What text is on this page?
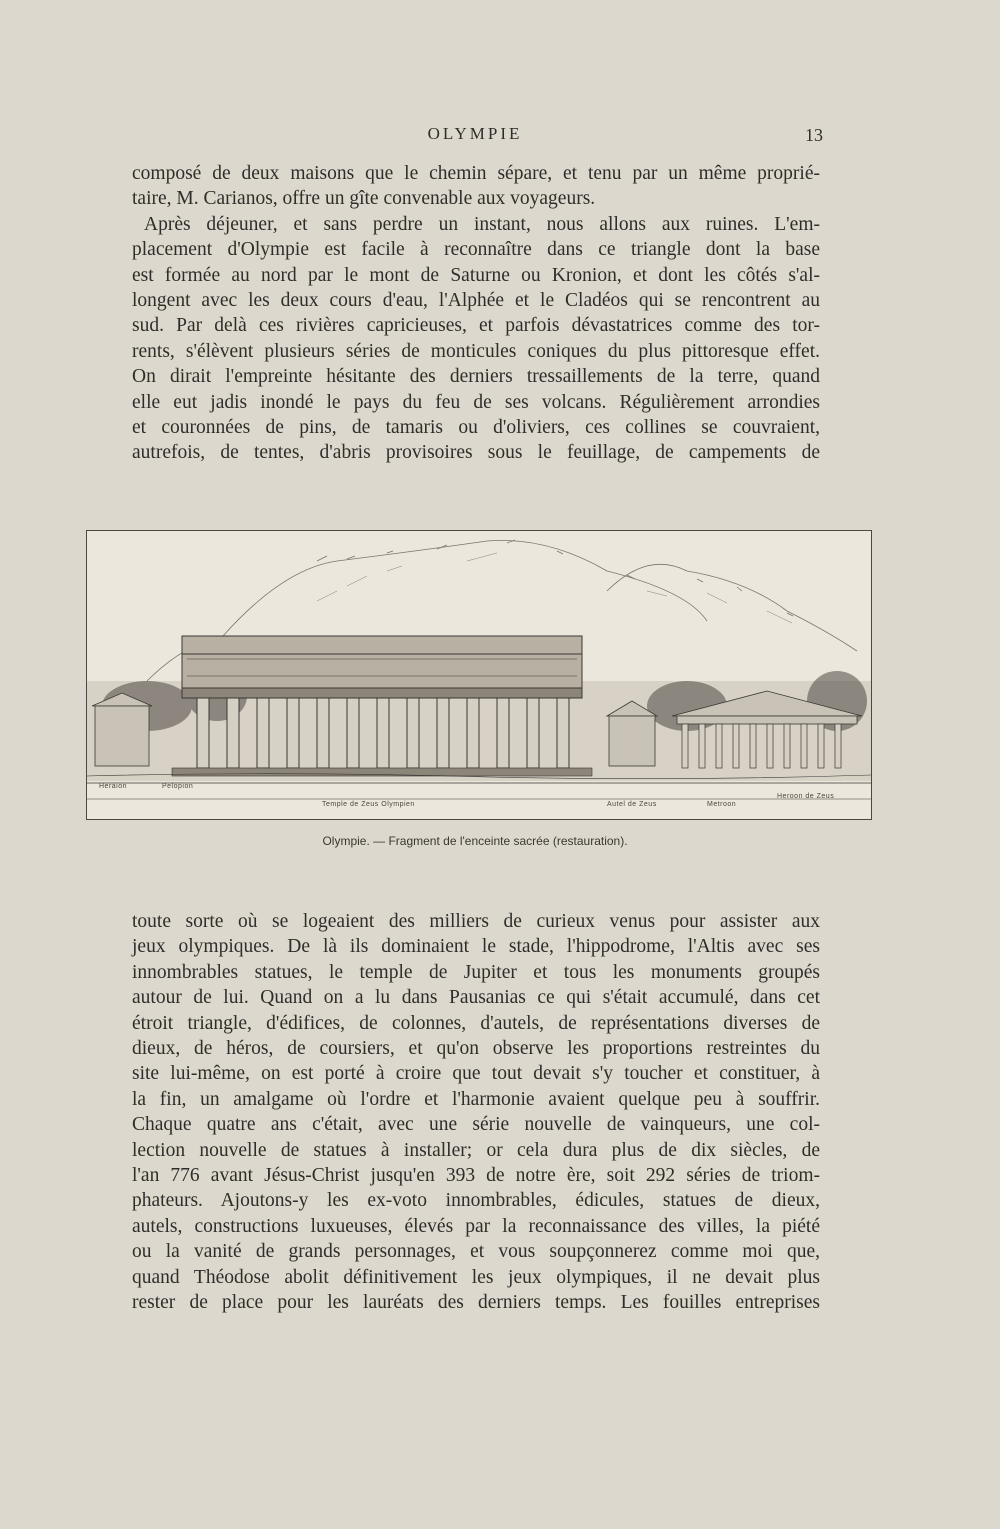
OLYMPIE	13

composé de deux maisons que le chemin sépare, et tenu par un même proprié-

taire, M. Carianos, offre un gîte convenable aux voyageurs.

Après déjeuner, et sans perdre un instant, nous allons aux ruines. L'em-

placement d'Olympie est facile à reconnaître dans ce triangle dont la base

est formée au nord par le mont de Saturne ou Kronion, et dont les côtés s'al-

longent avec les deux cours d'eau, l'Alphée et le Cladéos qui se rencontrent au

sud. Par delà ces rivières capricieuses, et parfois dévastatrices comme des tor-

rents, s'élèvent plusieurs séries de monticules coniques du plus pittoresque effet.

On dirait l'empreinte hésitante des derniers tressaillements de la terre, quand

elle eut jadis inondé le pays du feu de ses volcans. Régulièrement arrondies

et couronnées de pins, de tamaris ou d'oliviers, ces collines se couvraient,

autrefois, de tentes, d'abris provisoires sous le feuillage, de campements de

Heraion	Pelopion
Temple de Zeus Olympien	Autel de Zeus	Metroon
Heroon de Zeus
Olympie. — Fragment de l'enceinte sacrée (restauration).

toute sorte où se logeaient des milliers de curieux venus pour assister aux

jeux olympiques. De là ils dominaient le stade, l'hippodrome, l'Altis avec ses

innombrables statues, le temple de Jupiter et tous les monuments groupés

autour de lui. Quand on a lu dans Pausanias ce qui s'était accumulé, dans cet

étroit triangle, d'édifices, de colonnes, d'autels, de représentations diverses de

dieux, de héros, de coursiers, et qu'on observe les proportions restreintes du

site lui-même, on est porté à croire que tout devait s'y toucher et constituer, à

la fin, un amalgame où l'ordre et l'harmonie avaient quelque peu à souffrir.

Chaque quatre ans c'était, avec une série nouvelle de vainqueurs, une col-

lection nouvelle de statues à installer; or cela dura plus de dix siècles, de

l'an 776 avant Jésus-Christ jusqu'en 393 de notre ère, soit 292 séries de triom-

phateurs. Ajoutons-y les ex-voto innombrables, édicules, statues de dieux,

autels, constructions luxueuses, élevés par la reconnaissance des villes, la piété

ou la vanité de grands personnages, et vous soupçonnerez comme moi que,

quand Théodose abolit définitivement les jeux olympiques, il ne devait plus

rester de place pour les lauréats des derniers temps. Les fouilles entreprises
